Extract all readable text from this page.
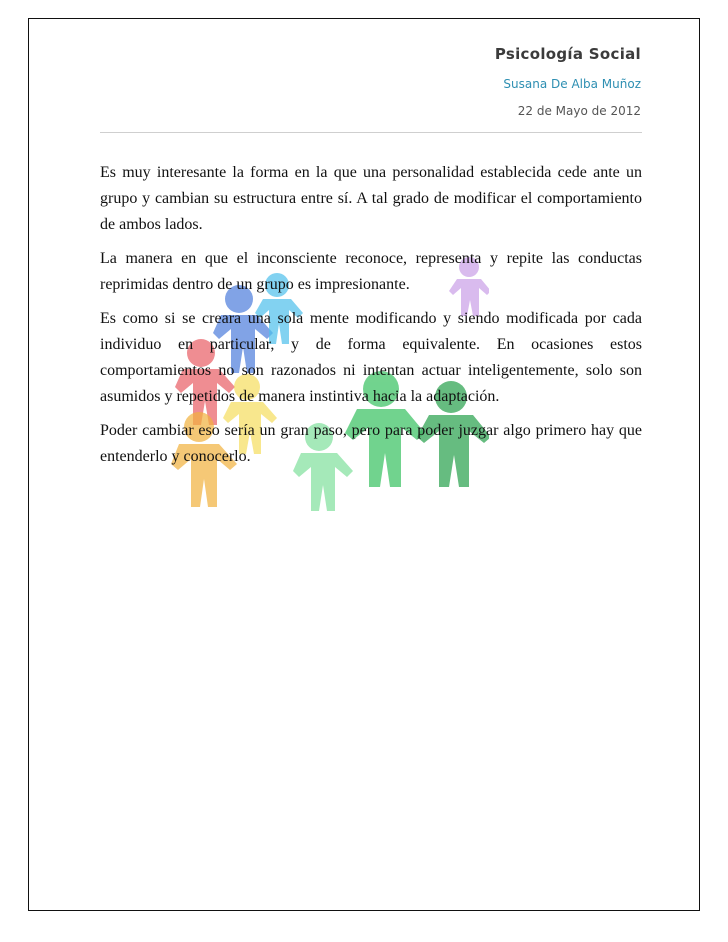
Psicología Social
Susana De Alba Muñoz
22 de Mayo de 2012

Es muy interesante la forma en la que una personalidad establecida cede ante un grupo y cambian su estructura entre sí. A tal grado de modificar el comportamiento de ambos lados.

La manera en que el inconsciente reconoce, representa y repite las conductas reprimidas dentro de un grupo es impresionante.

Es como si se creara una sola mente modificando y siendo modificada por cada individuo en particular, y de forma equivalente. En ocasiones estos comportamientos no son razonados ni intentan actuar inteligentemente, solo son asumidos y repetidos de manera instintiva hacia la adaptación.

Poder cambiar eso sería un gran paso, pero para poder juzgar algo primero hay que entenderlo y conocerlo.
